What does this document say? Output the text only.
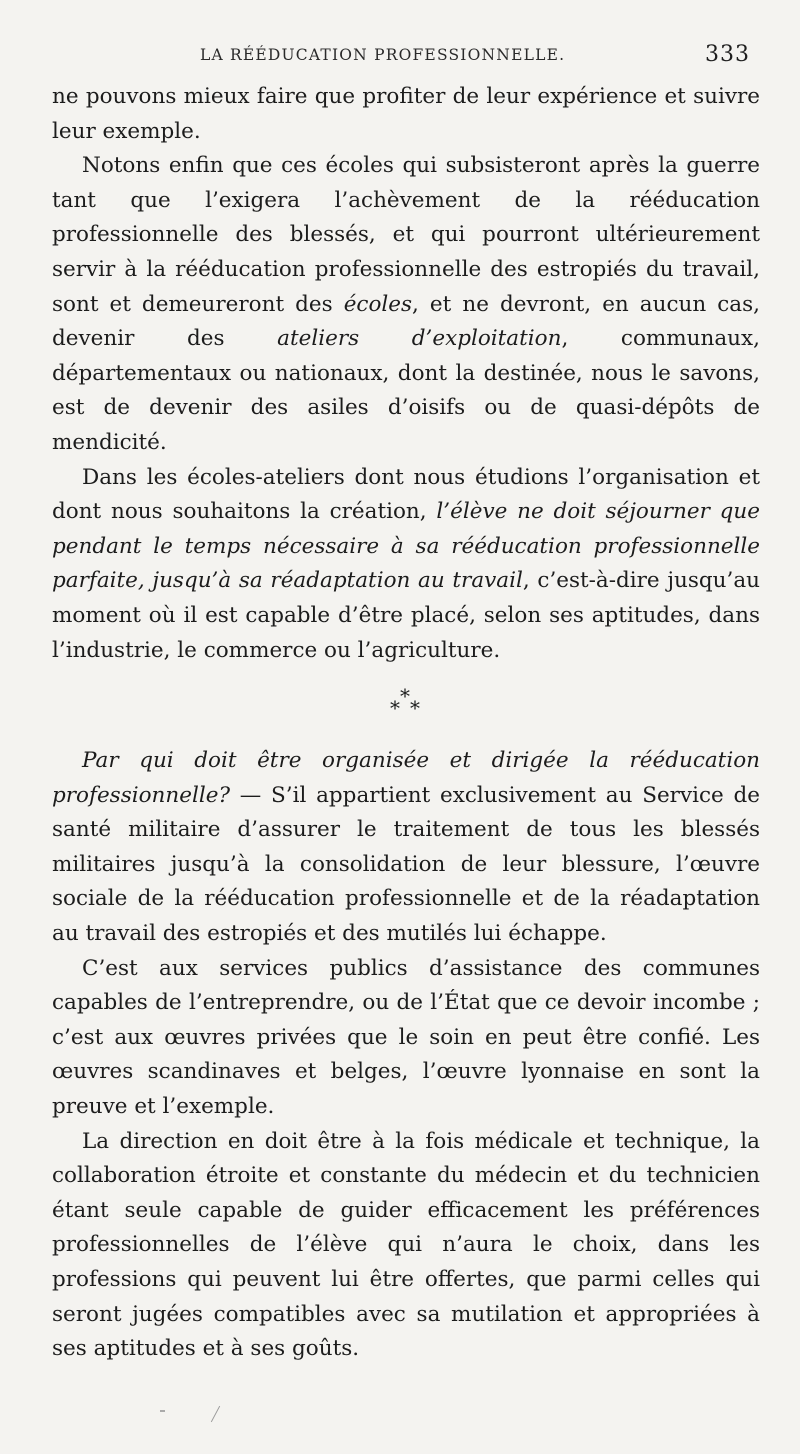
LA RÉÉDUCATION PROFESSIONNELLE.	333

ne pouvons mieux faire que profiter de leur expérience et suivre leur exemple.

Notons enfin que ces écoles qui subsisteront après la guerre tant que l’exigera l’achèvement de la rééducation professionnelle des blessés, et qui pourront ultérieurement servir à la rééducation professionnelle des estropiés du travail, sont et demeureront des écoles, et ne devront, en aucun cas, devenir des ateliers d’exploitation, communaux, départementaux ou nationaux, dont la destinée, nous le savons, est de devenir des asiles d’oisifs ou de quasi-dépôts de mendicité.

Dans les écoles-ateliers dont nous étudions l’organisation et dont nous souhaitons la création, l’élève ne doit séjourner que pendant le temps nécessaire à sa rééducation professionnelle parfaite, jusqu’à sa réadaptation au travail, c’est-à-dire jusqu’au moment où il est capable d’être placé, selon ses aptitudes, dans l’industrie, le commerce ou l’agriculture.

*
* *

Par qui doit être organisée et dirigée la rééducation professionnelle? — S’il appartient exclusivement au Service de santé militaire d’assurer le traitement de tous les blessés militaires jusqu’à la consolidation de leur blessure, l’œuvre sociale de la rééducation professionnelle et de la réadaptation au travail des estropiés et des mutilés lui échappe.

C’est aux services publics d’assistance des communes capables de l’entreprendre, ou de l’État que ce devoir incombe ; c’est aux œuvres privées que le soin en peut être confié. Les œuvres scandinaves et belges, l’œuvre lyonnaise en sont la preuve et l’exemple.

La direction en doit être à la fois médicale et technique, la collaboration étroite et constante du médecin et du technicien étant seule capable de guider efficacement les préférences professionnelles de l’élève qui n’aura le choix, dans les professions qui peuvent lui être offertes, que parmi celles qui seront jugées compatibles avec sa mutilation et appropriées à ses aptitudes et à ses goûts.
